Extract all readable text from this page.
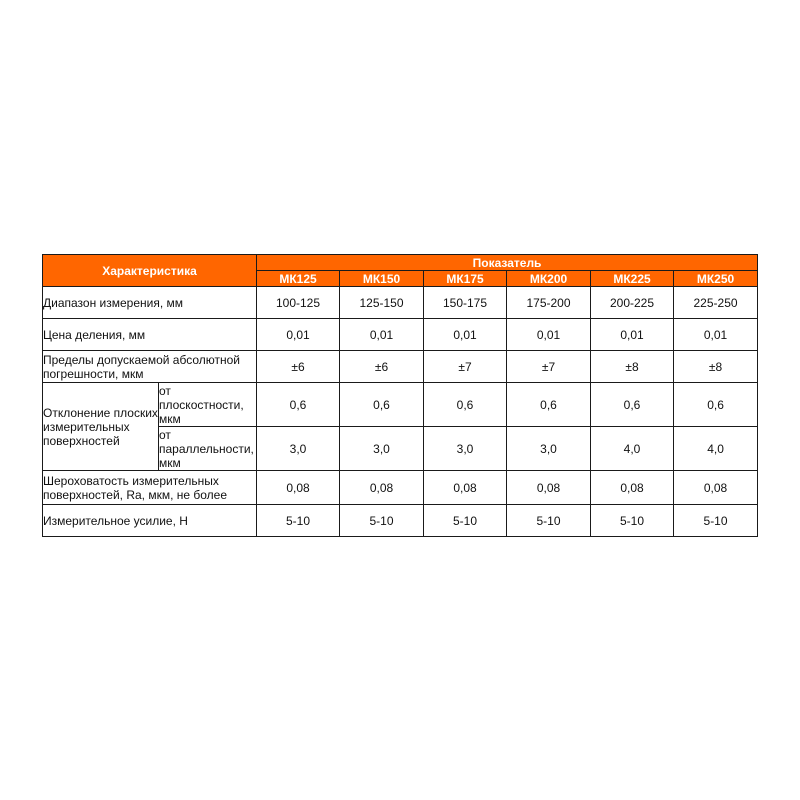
Характеристика		Показатель					
		МК125	МК150	МК175	МК200	МК225	МК250
Диапазон измерения, мм		100-125	125-150	150-175	175-200	200-225	225-250
Цена деления, мм		0,01	0,01	0,01	0,01	0,01	0,01
Пределы допускаемой абсолютной погрешности, мкм		±6	±6	±7	±7	±8	±8
Отклонение плоских измерительных поверхностей	от плоскостности, мкм	0,6	0,6	0,6	0,6	0,6	0,6
	от параллельности, мкм	3,0	3,0	3,0	3,0	4,0	4,0
Шероховатость измерительных поверхностей, Ra, мкм, не более		0,08	0,08	0,08	0,08	0,08	0,08
Измерительное усилие, Н		5-10	5-10	5-10	5-10	5-10	5-10
